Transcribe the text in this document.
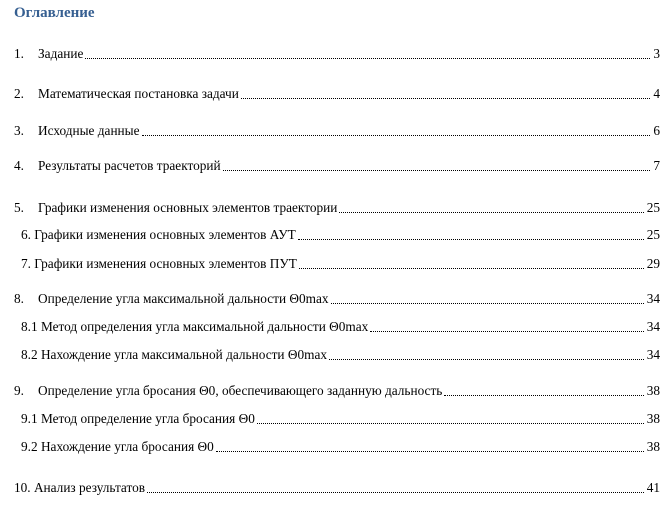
Оглавление
1. Задание	3
2. Математическая постановка задачи	4
3. Исходные данные	6
4. Результаты расчетов траекторий	7
5. Графики изменения основных элементов траектории	25
6. Графики изменения основных элементов АУТ	25
7. Графики изменения основных элементов ПУТ	29
8. Определение угла максимальной дальности Θ0max	34
8.1 Метод определения угла максимальной дальности Θ0max	34
8.2 Нахождение угла максимальной дальности Θ0max	34
9. Определение угла бросания Θ0, обеспечивающего заданную дальность	38
9.1 Метод определение угла бросания Θ0	38
9.2 Нахождение угла бросания Θ0	38
10. Анализ результатов	41
